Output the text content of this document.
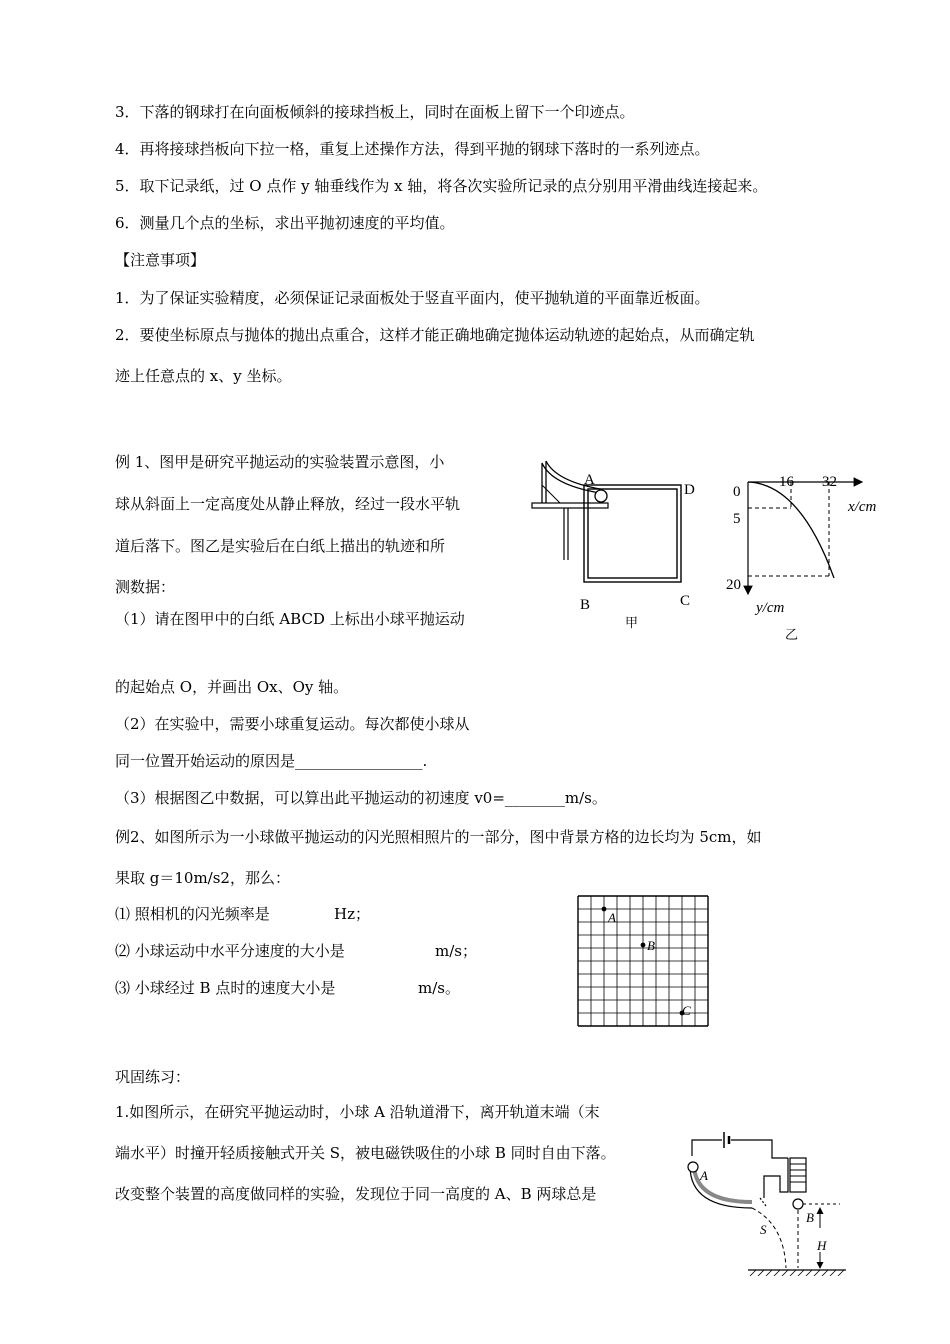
3．下落的钢球打在向面板倾斜的接球挡板上，同时在面板上留下一个印迹点。
4．再将接球挡板向下拉一格，重复上述操作方法，得到平抛的钢球下落时的一系列迹点。
5．取下记录纸，过 O 点作 y 轴垂线作为 x 轴，将各次实验所记录的点分别用平滑曲线连接起来。
6．测量几个点的坐标，求出平抛初速度的平均值。
【注意事项】
1．为了保证实验精度，必须保证记录面板处于竖直平面内，使平抛轨道的平面靠近板面。
2．要使坐标原点与抛体的抛出点重合，这样才能正确地确定抛体运动轨迹的起始点，从而确定轨
迹上任意点的 x、y 坐标。
例 1、图甲是研究平抛运动的实验装置示意图，小
球从斜面上一定高度处从静止释放，经过一段水平轨
道后落下。图乙是实验后在白纸上描出的轨迹和所
测数据：
（1）请在图甲中的白纸 ABCD 上标出小球平抛运动
的起始点 O，并画出 Ox、Oy 轴。
（2）在实验中，需要小球重复运动。每次都使小球从
同一位置开始运动的原因是_________________.
（3）根据图乙中数据，可以算出此平抛运动的初速度 v0=________m/s。
A
D
B	C
甲
0
16 32
x/cm
5
20
y/cm
乙
例2、如图所示为一小球做平抛运动的闪光照相照片的一部分，图中背景方格的边长均为 5cm，如
果取 g＝10m/s2，那么：
⑴ 照相机的闪光频率是	Hz；
⑵ 小球运动中水平分速度的大小是	m/s；
⑶ 小球经过 B 点时的速度大小是	m/s。
A
B
C
巩固练习：
1.如图所示，在研究平抛运动时，小球 A 沿轨道滑下，离开轨道末端（末
端水平）时撞开轻质接触式开关 S，被电磁铁吸住的小球 B 同时自由下落。
改变整个装置的高度做同样的实验，发现位于同一高度的 A、B 两球总是
A
B
S
H
